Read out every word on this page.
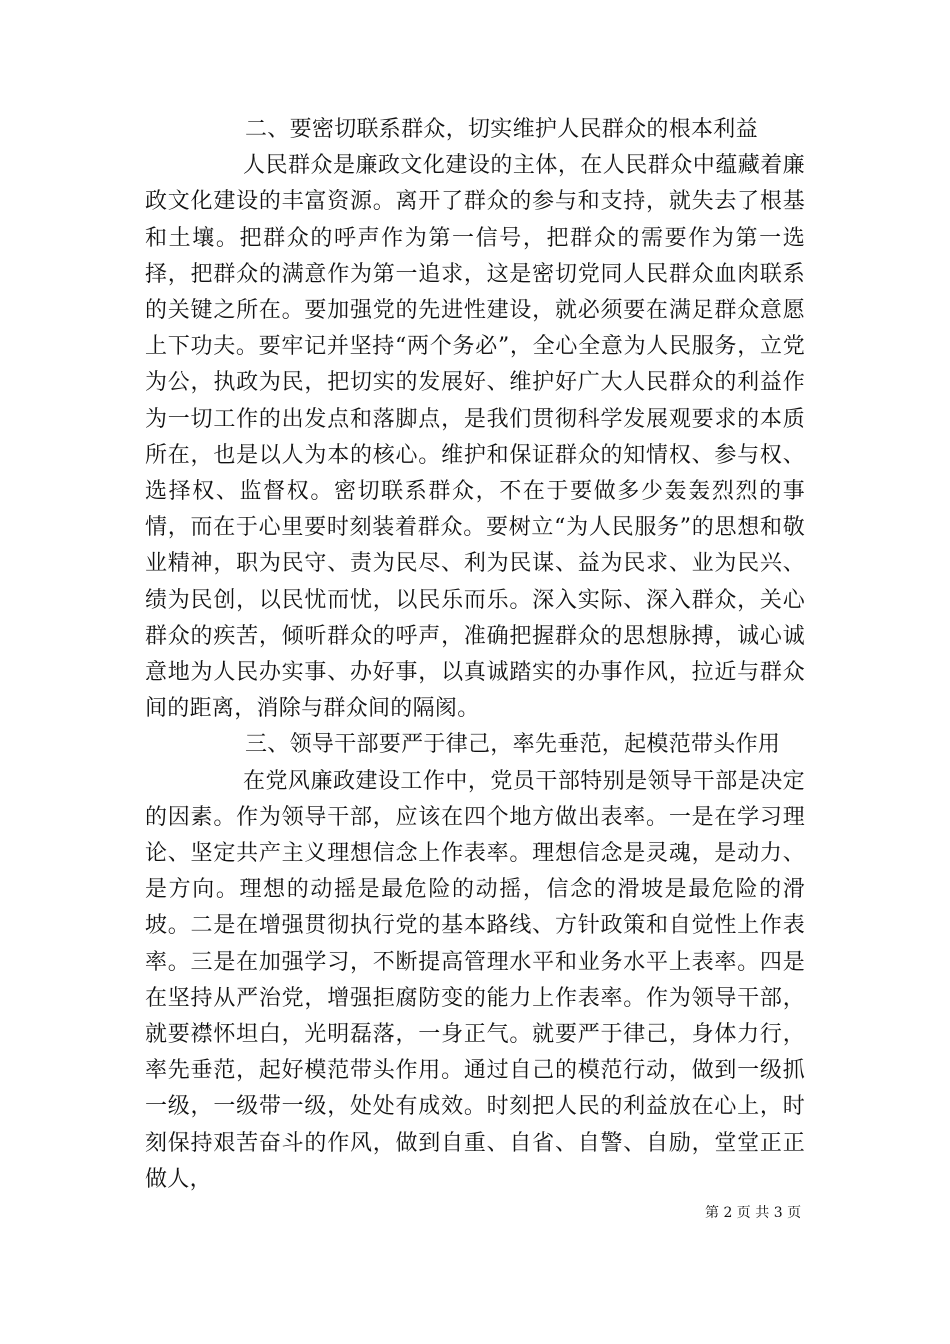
二、要密切联系群众，切实维护人民群众的根本利益

人民群众是廉政文化建设的主体，在人民群众中蕴藏着廉政文化建设的丰富资源。离开了群众的参与和支持，就失去了根基和土壤。把群众的呼声作为第一信号，把群众的需要作为第一选择，把群众的满意作为第一追求，这是密切党同人民群众血肉联系的关键之所在。要加强党的先进性建设，就必须要在满足群众意愿上下功夫。要牢记并坚持“两个务必”，全心全意为人民服务，立党为公，执政为民，把切实的发展好、维护好广大人民群众的利益作为一切工作的出发点和落脚点，是我们贯彻科学发展观要求的本质所在，也是以人为本的核心。维护和保证群众的知情权、参与权、选择权、监督权。密切联系群众，不在于要做多少轰轰烈烈的事情，而在于心里要时刻装着群众。要树立“为人民服务”的思想和敬业精神，职为民守、责为民尽、利为民谋、益为民求、业为民兴、绩为民创，以民忧而忧，以民乐而乐。深入实际、深入群众，关心群众的疾苦，倾听群众的呼声，准确把握群众的思想脉搏，诚心诚意地为人民办实事、办好事，以真诚踏实的办事作风，拉近与群众间的距离，消除与群众间的隔阂。

三、领导干部要严于律己，率先垂范，起模范带头作用

在党风廉政建设工作中，党员干部特别是领导干部是决定的因素。作为领导干部，应该在四个地方做出表率。一是在学习理论、坚定共产主义理想信念上作表率。理想信念是灵魂，是动力、是方向。理想的动摇是最危险的动摇，信念的滑坡是最危险的滑坡。二是在增强贯彻执行党的基本路线、方针政策和自觉性上作表率。三是在加强学习，不断提高管理水平和业务水平上表率。四是在坚持从严治党，增强拒腐防变的能力上作表率。作为领导干部，就要襟怀坦白，光明磊落，一身正气。就要严于律己，身体力行，率先垂范，起好模范带头作用。通过自己的模范行动，做到一级抓一级，一级带一级，处处有成效。时刻把人民的利益放在心上，时刻保持艰苦奋斗的作风，做到自重、自省、自警、自励，堂堂正正做人，

第 2 页 共 3 页
